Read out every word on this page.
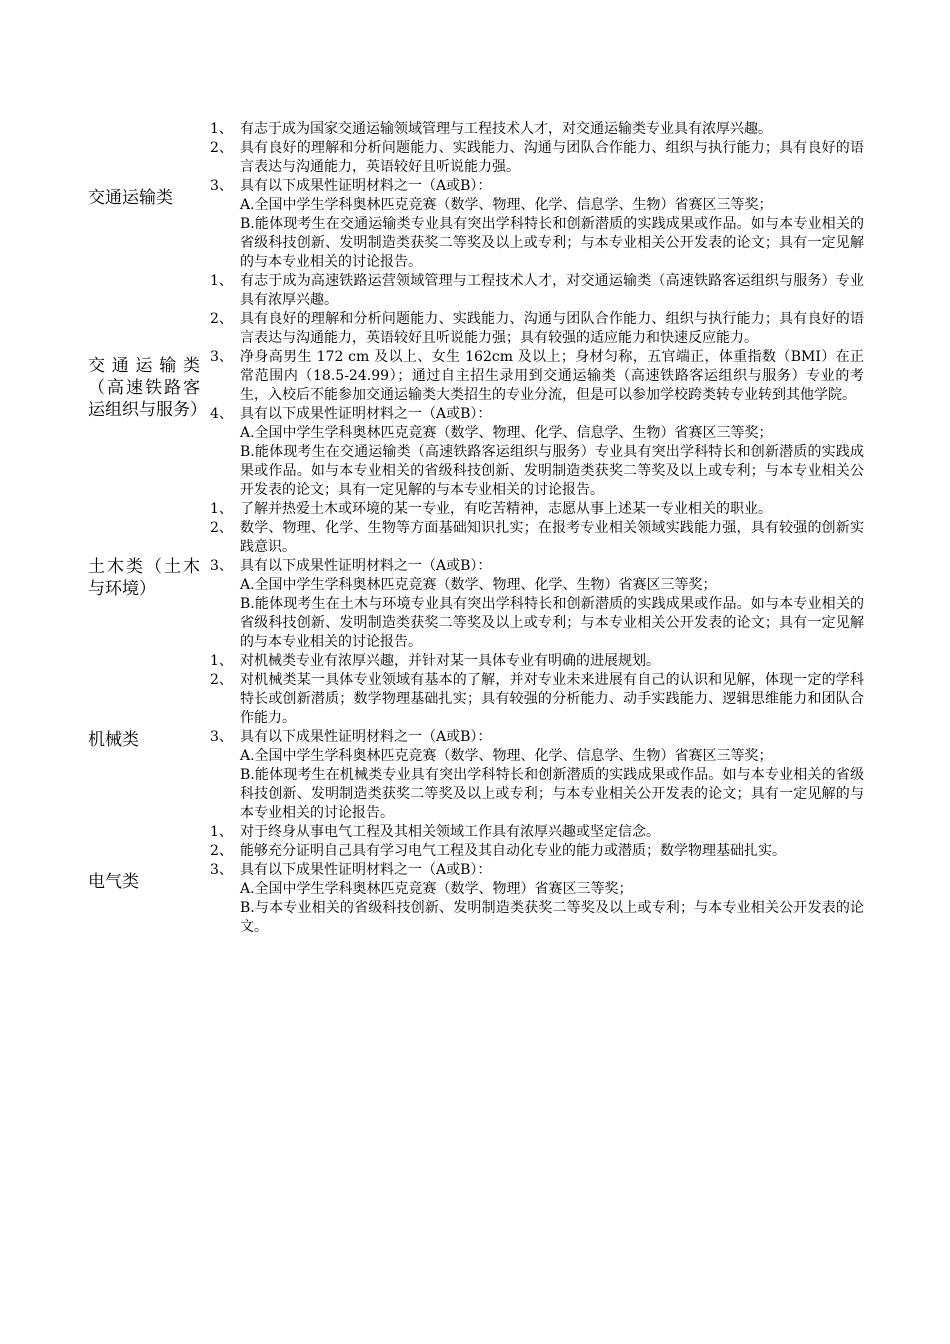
交通运输类
1、 有志于成为国家交通运输领域管理与工程技术人才，对交通运输类专业具有浓厚兴趣。
2、 具有良好的理解和分析问题能力、实践能力、沟通与团队合作能力、组织与执行能力；具有良好的语言表达与沟通能力，英语较好且听说能力强。
3、 具有以下成果性证明材料之一（A或B）：
A.全国中学生学科奥林匹克竞赛（数学、物理、化学、信息学、生物）省赛区三等奖；
B.能体现考生在交通运输类专业具有突出学科特长和创新潜质的实践成果或作品。如与本专业相关的省级科技创新、发明制造类获奖二等奖及以上或专利；与本专业相关公开发表的论文；具有一定见解的与本专业相关的讨论报告。
交通运输类（高速铁路客运组织与服务）
1、 有志于成为高速铁路运营领域管理与工程技术人才，对交通运输类（高速铁路客运组织与服务）专业具有浓厚兴趣。
2、 具有良好的理解和分析问题能力、实践能力、沟通与团队合作能力、组织与执行能力；具有良好的语言表达与沟通能力，英语较好且听说能力强；具有较强的适应能力和快速反应能力。
3、 净身高男生 172 cm 及以上、女生 162cm 及以上；身材匀称，五官端正，体重指数（BMI）在正常范围内（18.5-24.99）；通过自主招生录用到交通运输类（高速铁路客运组织与服务）专业的考生，入校后不能参加交通运输类大类招生的专业分流，但是可以参加学校跨类转专业转到其他学院。
4、 具有以下成果性证明材料之一（A或B）：
A.全国中学生学科奥林匹克竞赛（数学、物理、化学、信息学、生物）省赛区三等奖；
B.能体现考生在交通运输类（高速铁路客运组织与服务）专业具有突出学科特长和创新潜质的实践成果或作品。如与本专业相关的省级科技创新、发明制造类获奖二等奖及以上或专利；与本专业相关公开发表的论文；具有一定见解的与本专业相关的讨论报告。
土木类（土木与环境）
1、 了解并热爱土木或环境的某一专业，有吃苦精神，志愿从事上述某一专业相关的职业。
2、 数学、物理、化学、生物等方面基础知识扎实；在报考专业相关领域实践能力强，具有较强的创新实践意识。
3、 具有以下成果性证明材料之一（A或B）：
A.全国中学生学科奥林匹克竞赛（数学、物理、化学、生物）省赛区三等奖；
B.能体现考生在土木与环境专业具有突出学科特长和创新潜质的实践成果或作品。如与本专业相关的省级科技创新、发明制造类获奖二等奖及以上或专利；与本专业相关公开发表的论文；具有一定见解的与本专业相关的讨论报告。
机械类
1、 对机械类专业有浓厚兴趣，并针对某一具体专业有明确的进展规划。
2、 对机械类某一具体专业领域有基本的了解，并对专业未来进展有自己的认识和见解，体现一定的学科特长或创新潜质；数学物理基础扎实；具有较强的分析能力、动手实践能力、逻辑思维能力和团队合作能力。
3、 具有以下成果性证明材料之一（A或B）：
A.全国中学生学科奥林匹克竞赛（数学、物理、化学、信息学、生物）省赛区三等奖；
B.能体现考生在机械类专业具有突出学科特长和创新潜质的实践成果或作品。如与本专业相关的省级科技创新、发明制造类获奖二等奖及以上或专利；与本专业相关公开发表的论文；具有一定见解的与本专业相关的讨论报告。
电气类
1、 对于终身从事电气工程及其相关领域工作具有浓厚兴趣或坚定信念。
2、 能够充分证明自己具有学习电气工程及其自动化专业的能力或潜质；数学物理基础扎实。
3、 具有以下成果性证明材料之一（A或B）：
A.全国中学生学科奥林匹克竞赛（数学、物理）省赛区三等奖；
B.与本专业相关的省级科技创新、发明制造类获奖二等奖及以上或专利；与本专业相关公开发表的论文。
